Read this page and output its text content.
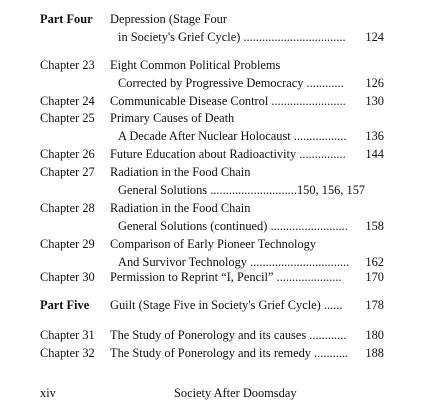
Part Four Depression (Stage Four
in Society's Grief Cycle) ................................. 124
Chapter 23 Eight Common Political Problems
Corrected by Progressive Democracy ............ 126
Chapter 24 Communicable Disease Control ........................ 130
Chapter 25 Primary Causes of Death
A Decade After Nuclear Holocaust ................. 136
Chapter 26 Future Education about Radioactivity ............... 144
Chapter 27 Radiation in the Food Chain
General Solutions ............................150, 156, 157
Chapter 28 Radiation in the Food Chain
General Solutions (continued) ......................... 158
Chapter 29 Comparison of Early Pioneer Technology
And Survivor Technology ................................ 162
Chapter 30 Permission to Reprint “I, Pencil” ..................... 170
Part Five Guilt (Stage Five in Society's Grief Cycle) ...... 178
Chapter 31 The Study of Ponerology and its causes ............ 180
Chapter 32 The Study of Ponerology and its remedy ........... 188
xiv	Society After Doomsday
